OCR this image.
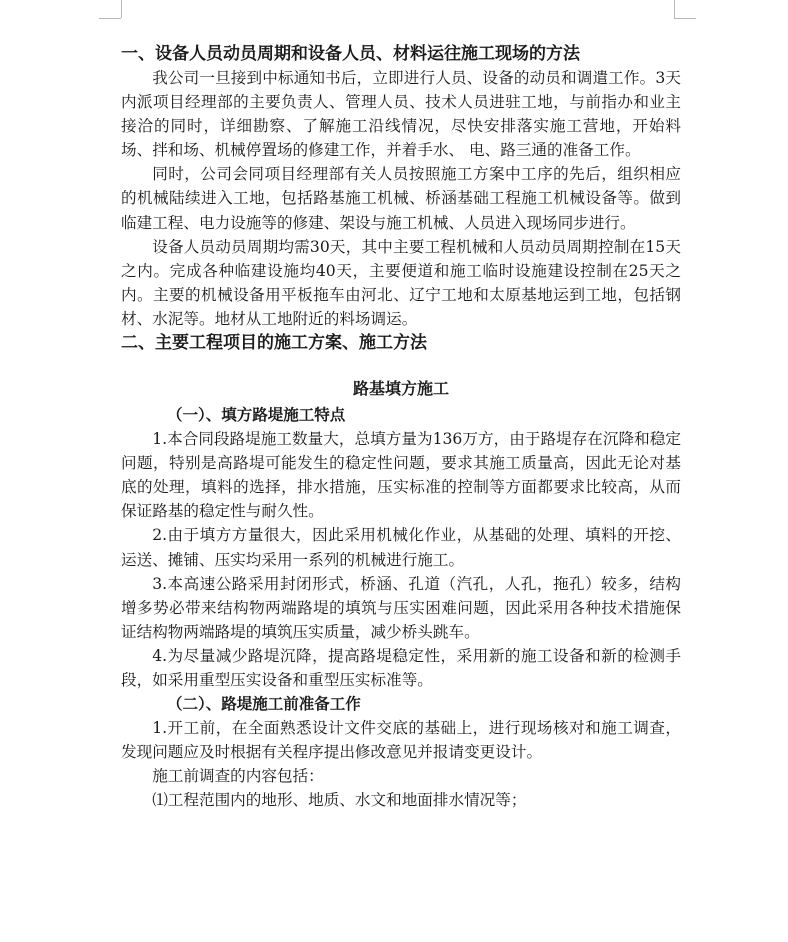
一、设备人员动员周期和设备人员、材料运往施工现场的方法

我公司一旦接到中标通知书后，立即进行人员、设备的动员和调遣工作。3天内派项目经理部的主要负责人、管理人员、技术人员进驻工地，与前指办和业主接洽的同时，详细勘察、了解施工沿线情况，尽快安排落实施工营地，开始料场、拌和场、机械停置场的修建工作，并着手水、 电、路三通的准备工作。

同时，公司会同项目经理部有关人员按照施工方案中工序的先后，组织相应的机械陆续进入工地，包括路基施工机械、桥涵基础工程施工机械设备等。做到临建工程、电力设施等的修建、架设与施工机械、人员进入现场同步进行。

设备人员动员周期均需30天，其中主要工程机械和人员动员周期控制在15天之内。完成各种临建设施均40天，主要便道和施工临时设施建设控制在25天之内。主要的机械设备用平板拖车由河北、辽宁工地和太原基地运到工地，包括钢材、水泥等。地材从工地附近的料场调运。

二、主要工程项目的施工方案、施工方法
路基填方施工
（一）、填方路堤施工特点

1.本合同段路堤施工数量大，总填方量为136万方，由于路堤存在沉降和稳定问题，特别是高路堤可能发生的稳定性问题，要求其施工质量高，因此无论对基底的处理，填料的选择，排水措施，压实标准的控制等方面都要求比较高，从而保证路基的稳定性与耐久性。

2.由于填方方量很大，因此采用机械化作业，从基础的处理、填料的开挖、运送、摊铺、压实均采用一系列的机械进行施工。

3.本高速公路采用封闭形式，桥涵、孔道（汽孔，人孔，拖孔）较多，结构增多势必带来结构物两端路堤的填筑与压实困难问题，因此采用各种技术措施保证结构物两端路堤的填筑压实质量，减少桥头跳车。

4.为尽量减少路堤沉降，提高路堤稳定性，采用新的施工设备和新的检测手段，如采用重型压实设备和重型压实标准等。

（二）、路堤施工前准备工作

1.开工前，在全面熟悉设计文件交底的基础上，进行现场核对和施工调查，发现问题应及时根据有关程序提出修改意见并报请变更设计。

施工前调查的内容包括：

⑴工程范围内的地形、地质、水文和地面排水情况等；
